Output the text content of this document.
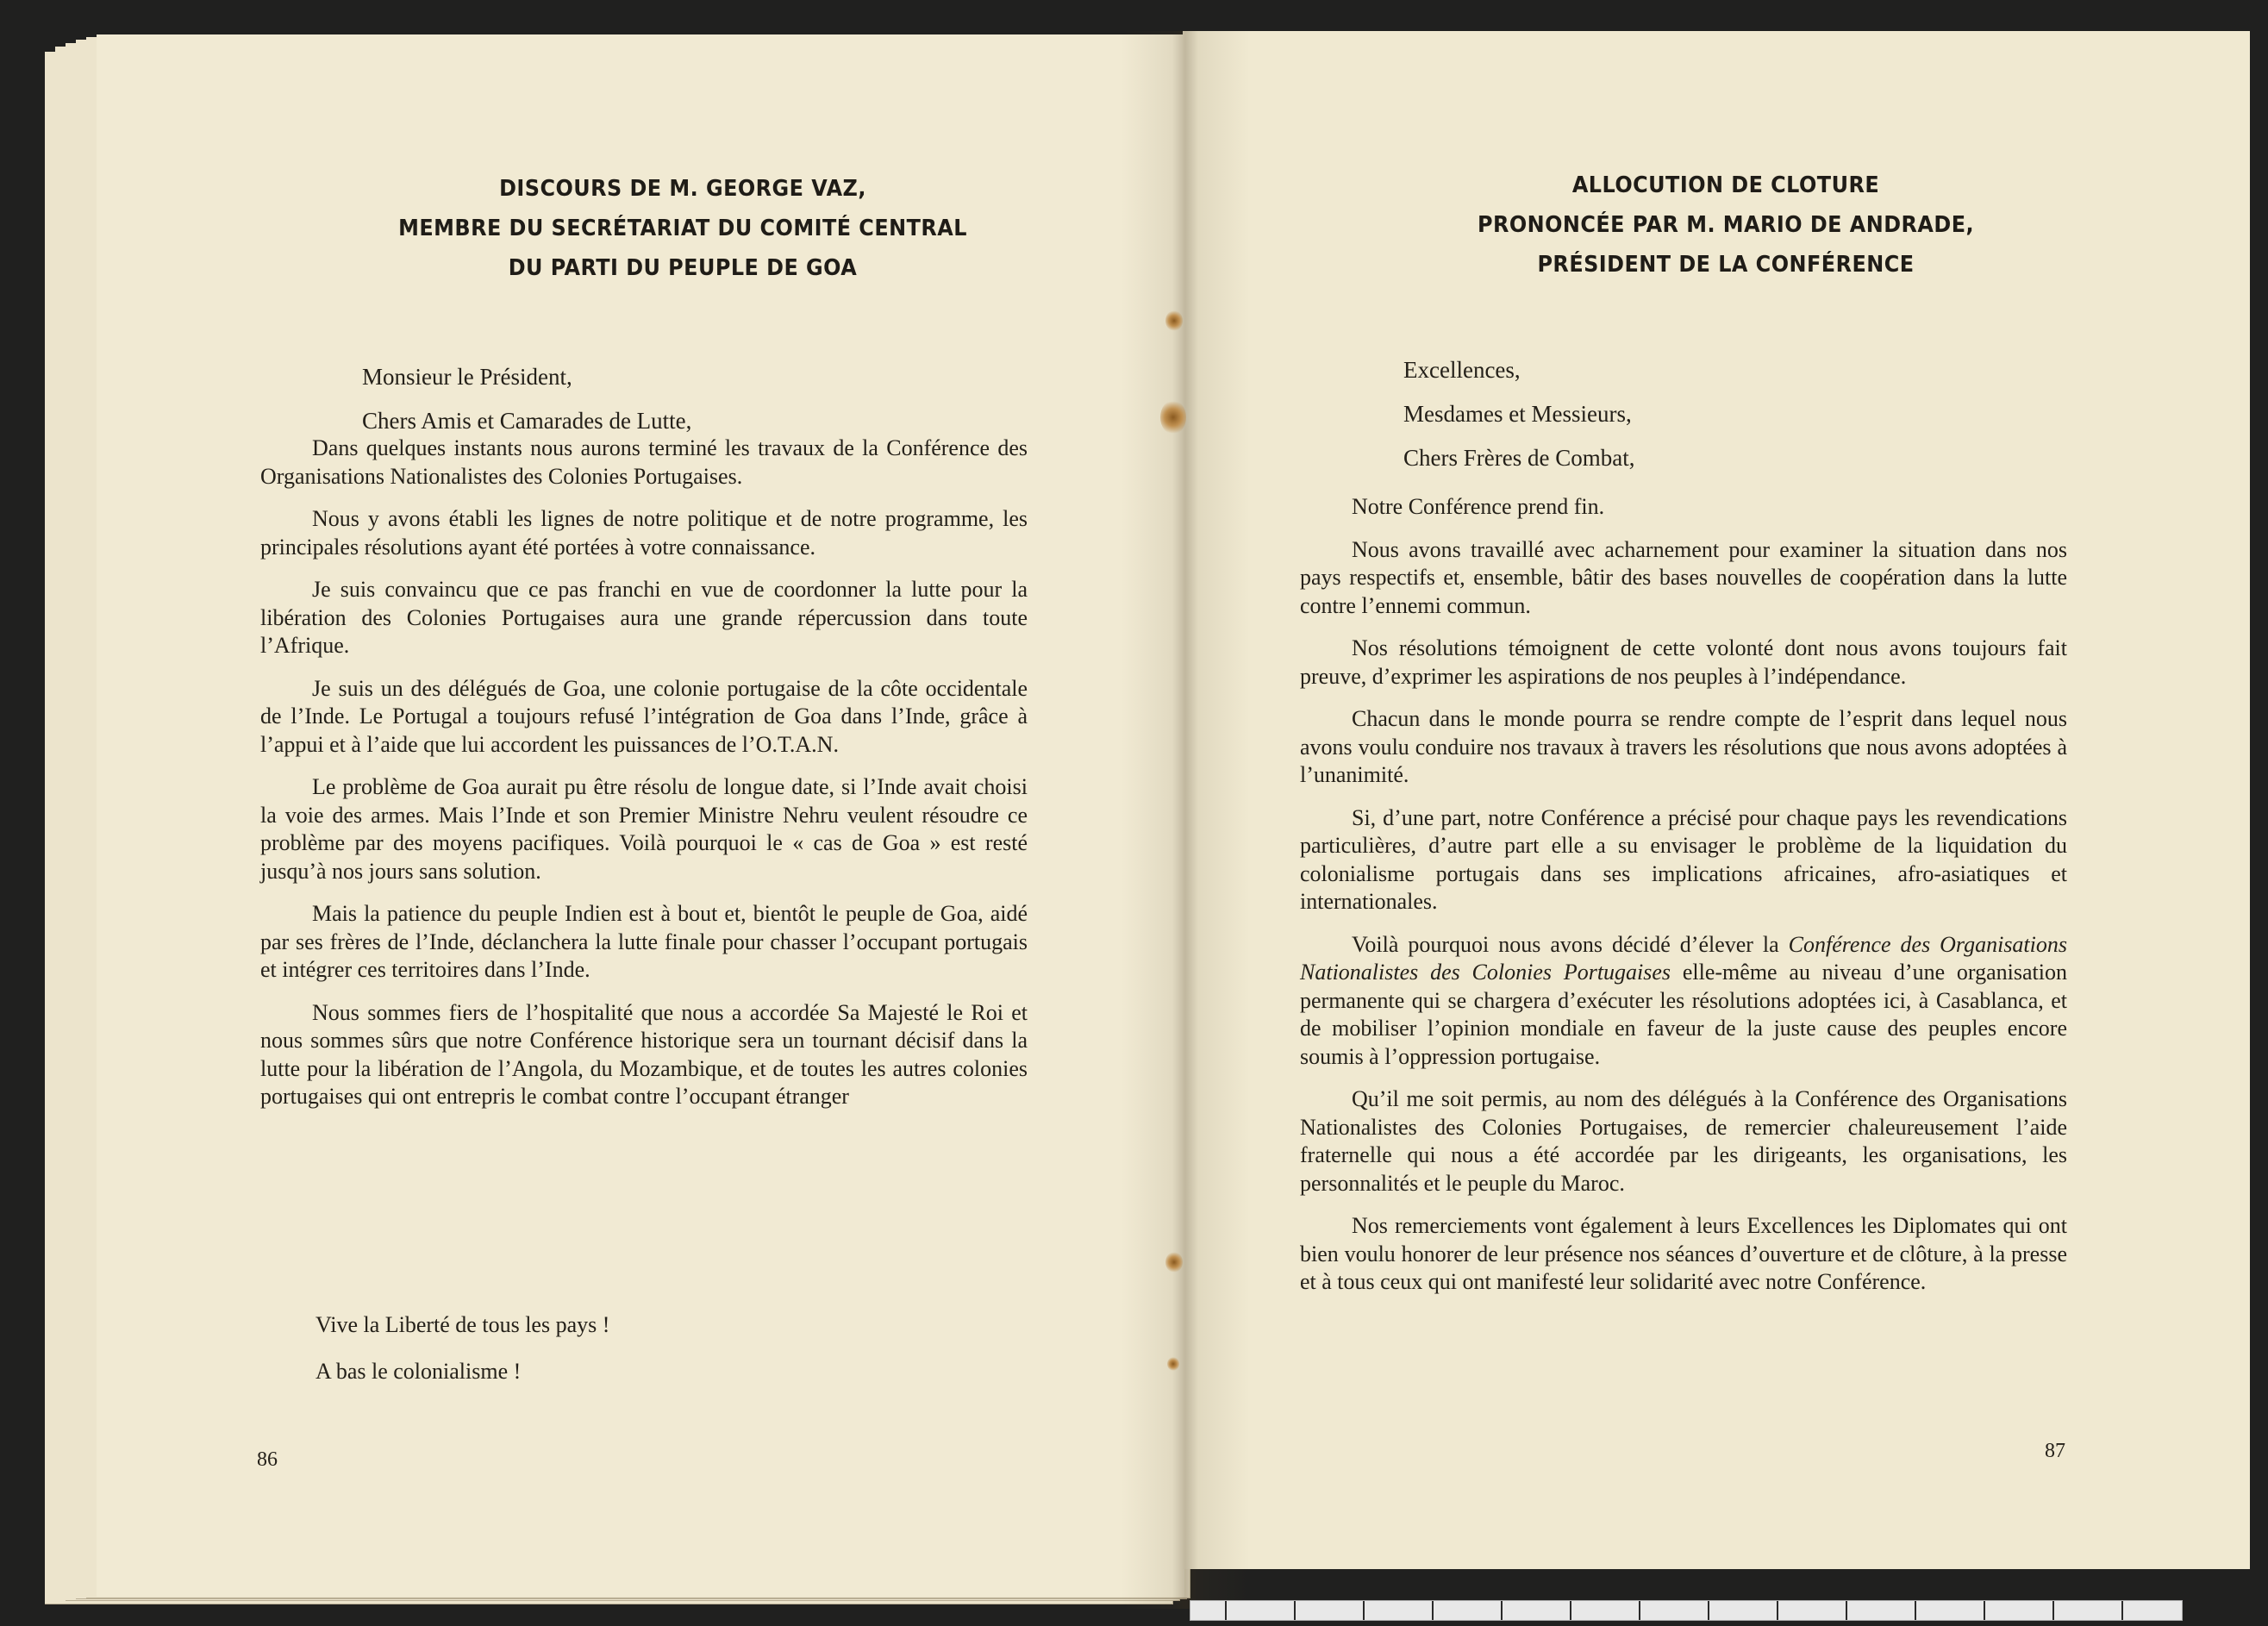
DISCOURS DE M. GEORGE VAZ,
MEMBRE DU SECRÉTARIAT DU COMITÉ CENTRAL
DU PARTI DU PEUPLE DE GOA
Monsieur le Président,
Chers Amis et Camarades de Lutte,

Dans quelques instants nous aurons terminé les travaux de la Conférence des Organisations Nationalistes des Colonies Portugaises.

Nous y avons établi les lignes de notre politique et de notre programme, les principales résolutions ayant été portées à votre connaissance.

Je suis convaincu que ce pas franchi en vue de coordonner la lutte pour la libération des Colonies Portugaises aura une grande répercussion dans toute l’Afrique.

Je suis un des délégués de Goa, une colonie portugaise de la côte occidentale de l’Inde. Le Portugal a toujours refusé l’intégration de Goa dans l’Inde, grâce à l’appui et à l’aide que lui accordent les puissances de l’O.T.A.N.

Le problème de Goa aurait pu être résolu de longue date, si l’Inde avait choisi la voie des armes. Mais l’Inde et son Premier Ministre Nehru veulent résoudre ce problème par des moyens pacifiques. Voilà pourquoi le « cas de Goa » est resté jusqu’à nos jours sans solution.

Mais la patience du peuple Indien est à bout et, bientôt le peuple de Goa, aidé par ses frères de l’Inde, déclanchera la lutte finale pour chasser l’occupant portugais et intégrer ces territoires dans l’Inde.

Nous sommes fiers de l’hospitalité que nous a accordée Sa Majesté le Roi et nous sommes sûrs que notre Conférence historique sera un tournant décisif dans la lutte pour la libération de l’Angola, du Mozambique, et de toutes les autres colonies portugaises qui ont entrepris le combat contre l’occupant étranger

Vive la Liberté de tous les pays !
A bas le colonialisme !
86
ALLOCUTION DE CLOTURE
PRONONCÉE PAR M. MARIO DE ANDRADE,
PRÉSIDENT DE LA CONFÉRENCE
Excellences,
Mesdames et Messieurs,
Chers Frères de Combat,

Notre Conférence prend fin.

Nous avons travaillé avec acharnement pour examiner la situation dans nos pays respectifs et, ensemble, bâtir des bases nouvelles de coopération dans la lutte contre l’ennemi commun.

Nos résolutions témoignent de cette volonté dont nous avons toujours fait preuve, d’exprimer les aspirations de nos peuples à l’indépendance.

Chacun dans le monde pourra se rendre compte de l’esprit dans lequel nous avons voulu conduire nos travaux à travers les résolutions que nous avons adoptées à l’unanimité.

Si, d’une part, notre Conférence a précisé pour chaque pays les revendications particulières, d’autre part elle a su envisager le problème de la liquidation du colonialisme portugais dans ses implications africaines, afro-asiatiques et internationales.

Voilà pourquoi nous avons décidé d’élever la Conférence des Organisations Nationalistes des Colonies Portugaises elle-même au niveau d’une organisation permanente qui se chargera d’exécuter les résolutions adoptées ici, à Casablanca, et de mobiliser l’opinion mondiale en faveur de la juste cause des peuples encore soumis à l’oppression portugaise.

Qu’il me soit permis, au nom des délégués à la Conférence des Organisations Nationalistes des Colonies Portugaises, de remercier chaleureusement l’aide fraternelle qui nous a été accordée par les dirigeants, les organisations, les personnalités et le peuple du Maroc.

Nos remerciements vont également à leurs Excellences les Diplomates qui ont bien voulu honorer de leur présence nos séances d’ouverture et de clôture, à la presse et à tous ceux qui ont manifesté leur solidarité avec notre Conférence.

87
